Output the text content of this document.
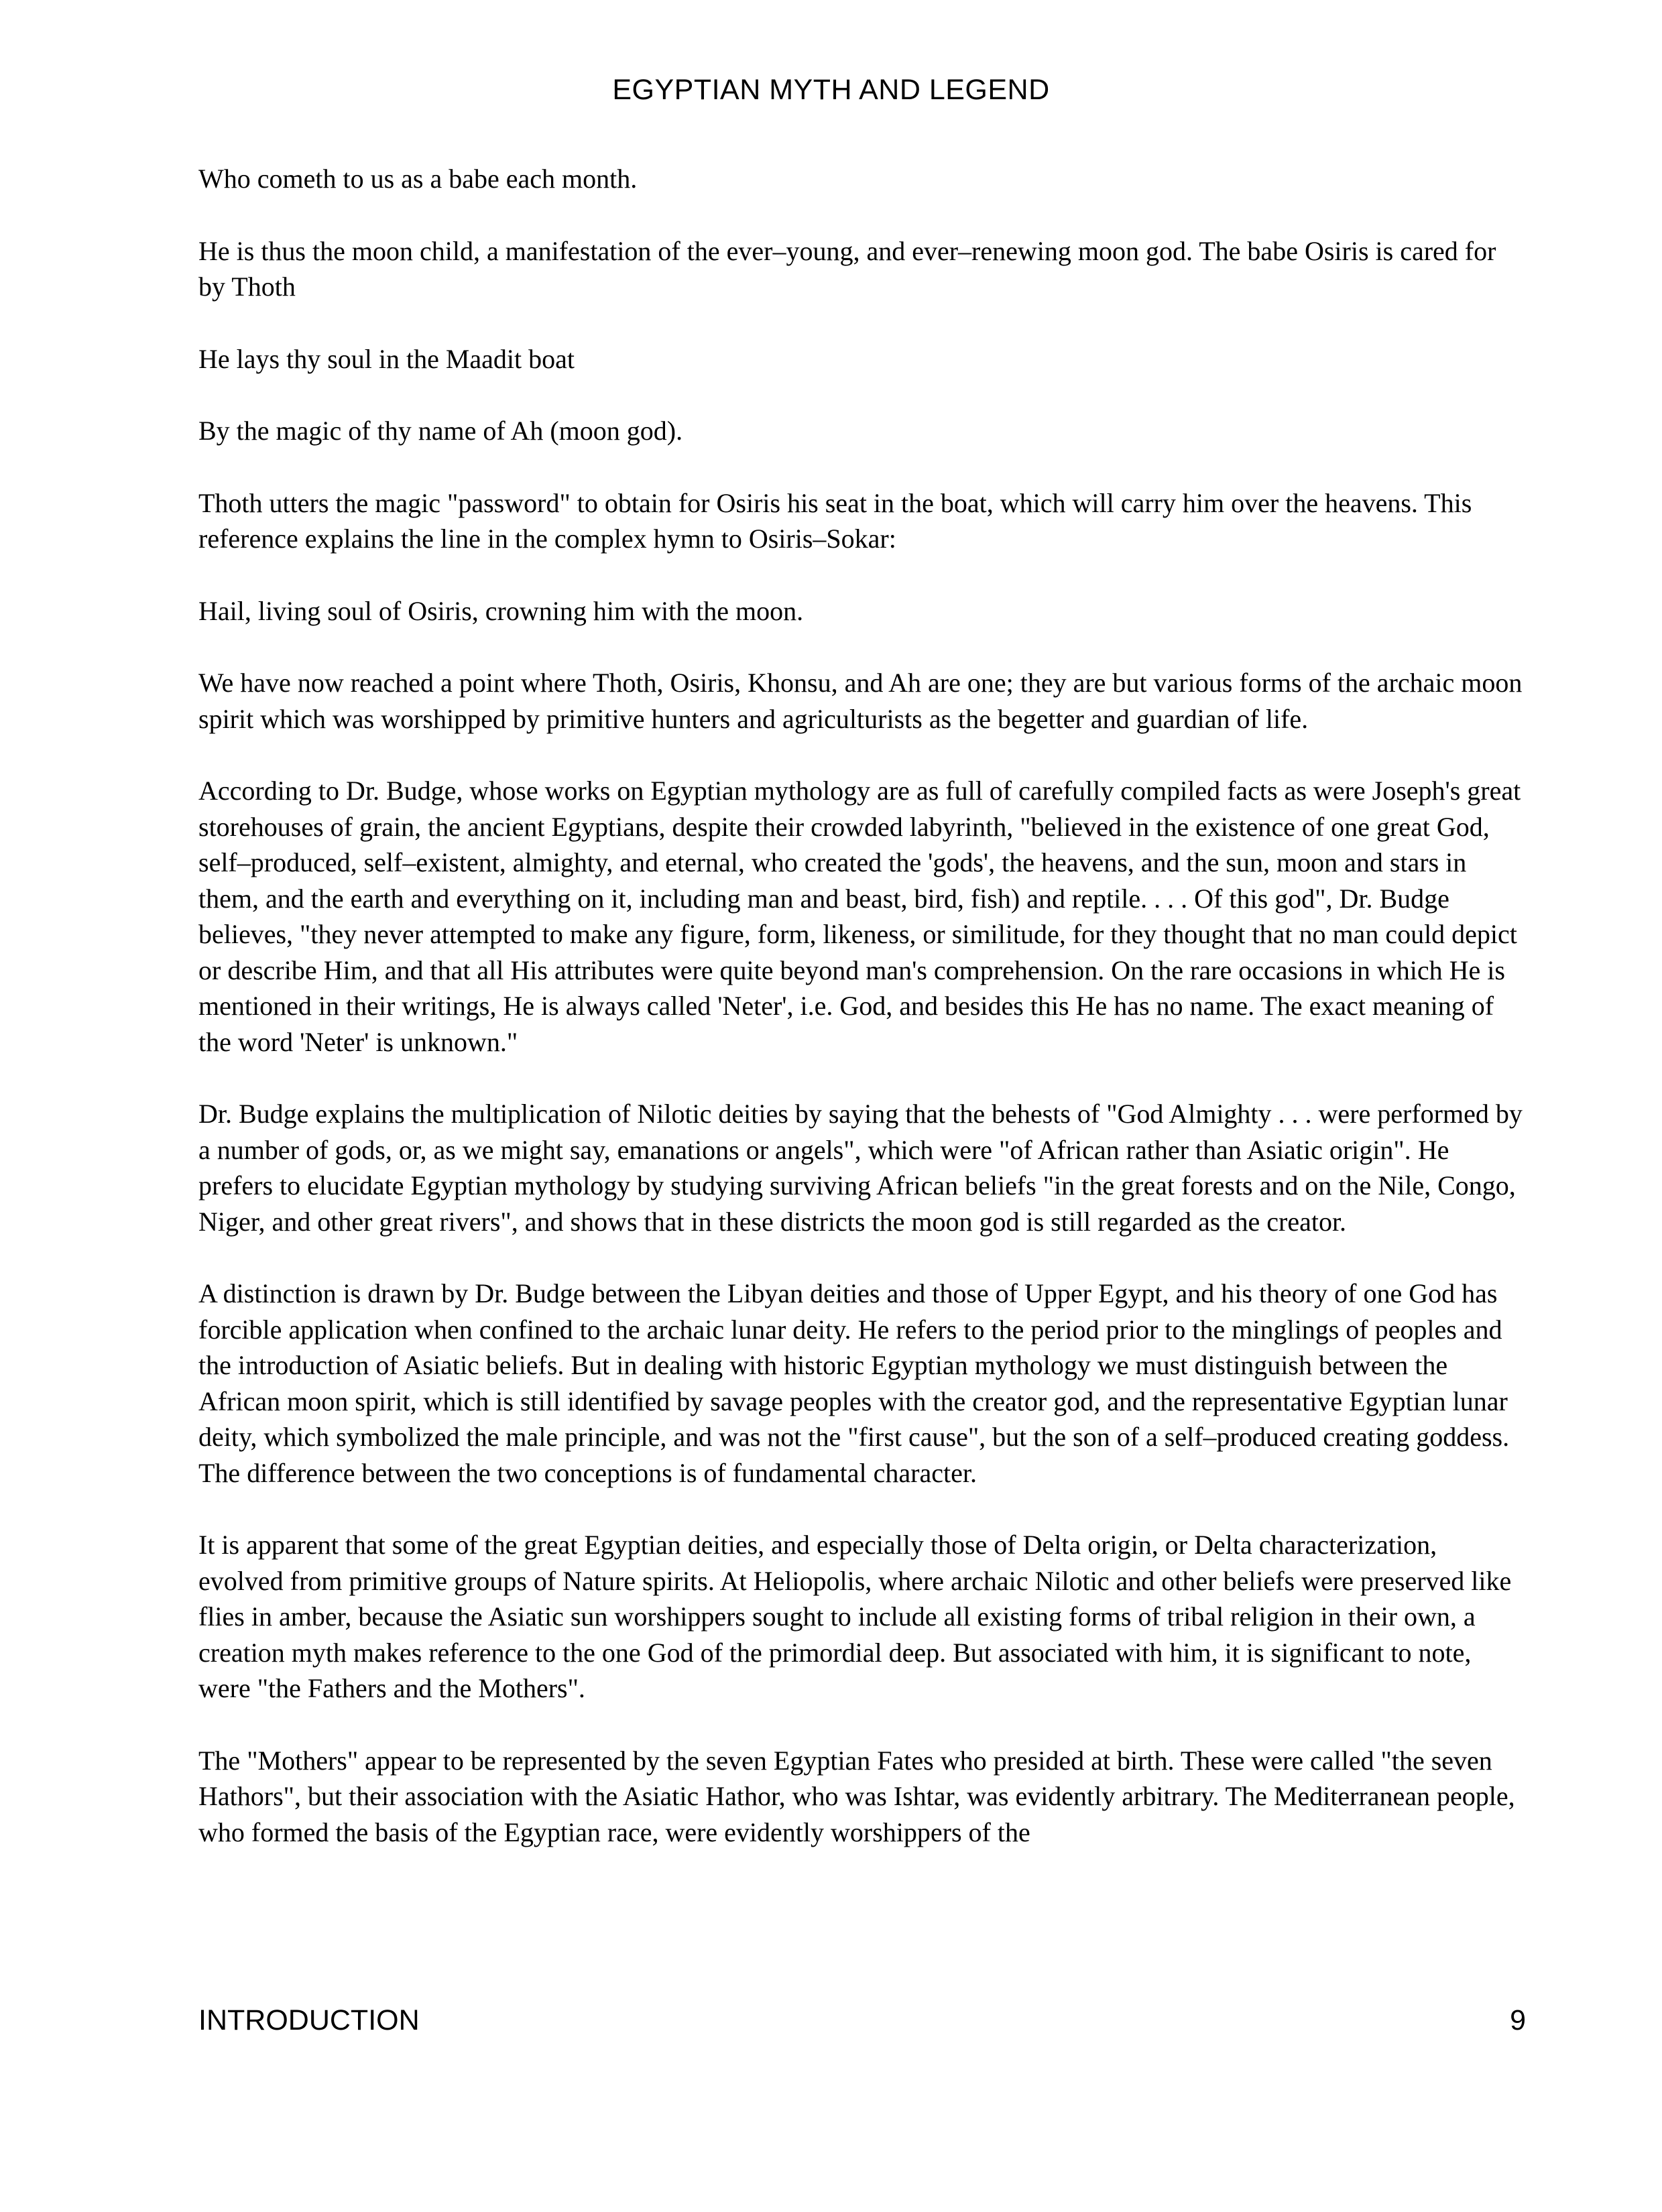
EGYPTIAN MYTH AND LEGEND

Who cometh to us as a babe each month.

He is thus the moon child, a manifestation of the ever–young, and ever–renewing moon god. The babe Osiris is cared for by Thoth

He lays thy soul in the Maadit boat

By the magic of thy name of Ah (moon god).

Thoth utters the magic "password" to obtain for Osiris his seat in the boat, which will carry him over the heavens. This reference explains the line in the complex hymn to Osiris–Sokar:

Hail, living soul of Osiris, crowning him with the moon.

We have now reached a point where Thoth, Osiris, Khonsu, and Ah are one; they are but various forms of the archaic moon spirit which was worshipped by primitive hunters and agriculturists as the begetter and guardian of life.

According to Dr. Budge, whose works on Egyptian mythology are as full of carefully compiled facts as were Joseph's great storehouses of grain, the ancient Egyptians, despite their crowded labyrinth, "believed in the existence of one great God, self–produced, self–existent, almighty, and eternal, who created the 'gods', the heavens, and the sun, moon and stars in them, and the earth and everything on it, including man and beast, bird, fish) and reptile. . . . Of this god", Dr. Budge believes, "they never attempted to make any figure, form, likeness, or similitude, for they thought that no man could depict or describe Him, and that all His attributes were quite beyond man's comprehension. On the rare occasions in which He is mentioned in their writings, He is always called 'Neter', i.e. God, and besides this He has no name. The exact meaning of the word 'Neter' is unknown."

Dr. Budge explains the multiplication of Nilotic deities by saying that the behests of "God Almighty . . . were performed by a number of gods, or, as we might say, emanations or angels", which were "of African rather than Asiatic origin". He prefers to elucidate Egyptian mythology by studying surviving African beliefs "in the great forests and on the Nile, Congo, Niger, and other great rivers", and shows that in these districts the moon god is still regarded as the creator.

A distinction is drawn by Dr. Budge between the Libyan deities and those of Upper Egypt, and his theory of one God has forcible application when confined to the archaic lunar deity. He refers to the period prior to the minglings of peoples and the introduction of Asiatic beliefs. But in dealing with historic Egyptian mythology we must distinguish between the African moon spirit, which is still identified by savage peoples with the creator god, and the representative Egyptian lunar deity, which symbolized the male principle, and was not the "first cause", but the son of a self–produced creating goddess. The difference between the two conceptions is of fundamental character.

It is apparent that some of the great Egyptian deities, and especially those of Delta origin, or Delta characterization, evolved from primitive groups of Nature spirits. At Heliopolis, where archaic Nilotic and other beliefs were preserved like flies in amber, because the Asiatic sun worshippers sought to include all existing forms of tribal religion in their own, a creation myth makes reference to the one God of the primordial deep. But associated with him, it is significant to note, were "the Fathers and the Mothers".

The "Mothers" appear to be represented by the seven Egyptian Fates who presided at birth. These were called "the seven Hathors", but their association with the Asiatic Hathor, who was Ishtar, was evidently arbitrary. The Mediterranean people, who formed the basis of the Egyptian race, were evidently worshippers of the

INTRODUCTION	9
